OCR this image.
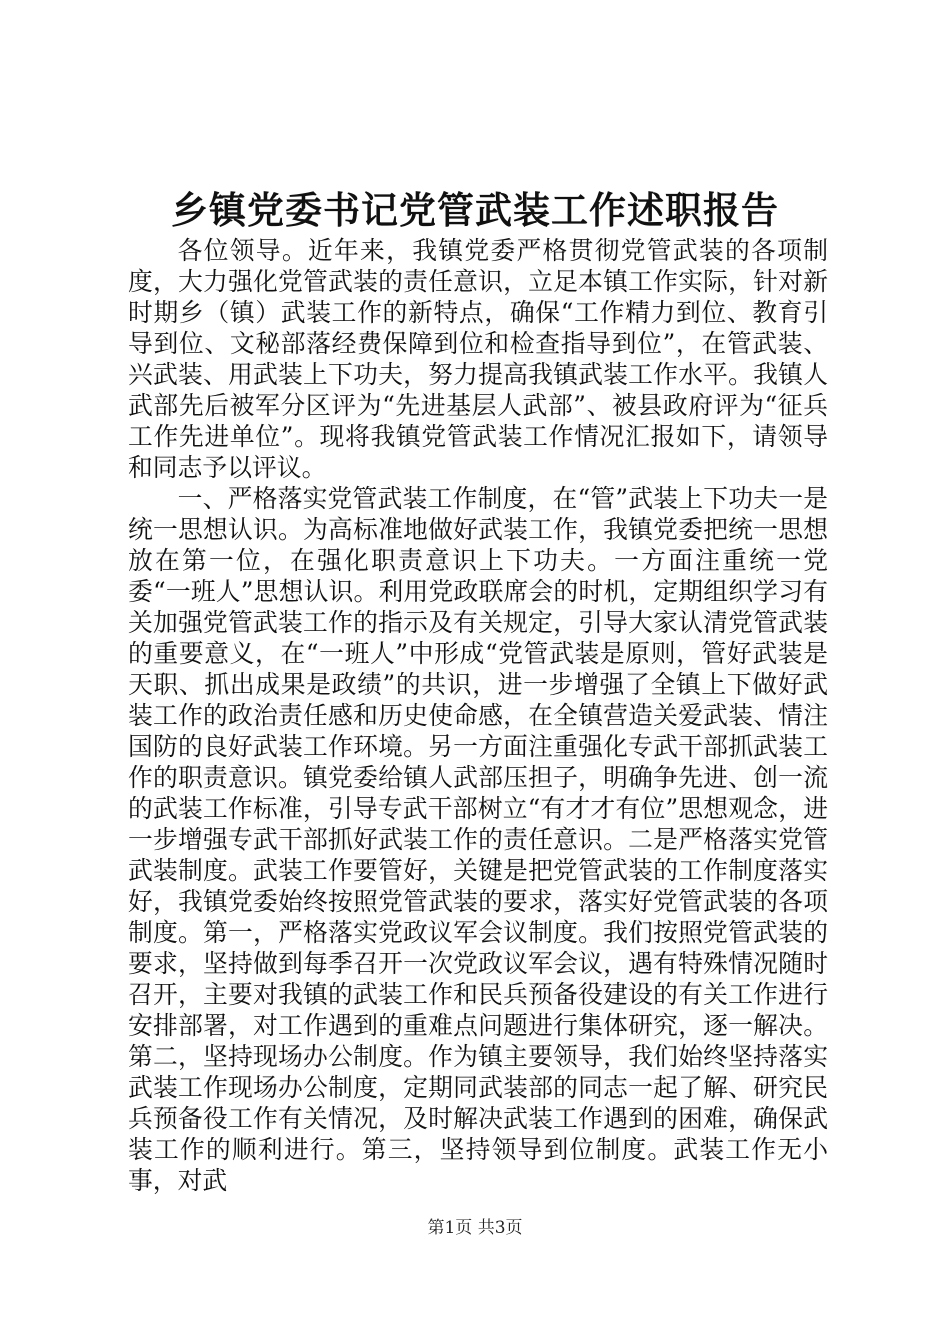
乡镇党委书记党管武装工作述职报告

各位领导。近年来，我镇党委严格贯彻党管武装的各项制度，大力强化党管武装的责任意识，立足本镇工作实际，针对新时期乡（镇）武装工作的新特点，确保“工作精力到位、教育引导到位、文秘部落经费保障到位和检查指导到位”，在管武装、兴武装、用武装上下功夫，努力提高我镇武装工作水平。我镇人武部先后被军分区评为“先进基层人武部”、被县政府评为“征兵工作先进单位”。现将我镇党管武装工作情况汇报如下，请领导和同志予以评议。

一、严格落实党管武装工作制度，在“管”武装上下功夫一是统一思想认识。为高标准地做好武装工作，我镇党委把统一思想放在第一位，在强化职责意识上下功夫。一方面注重统一党委“一班人”思想认识。利用党政联席会的时机，定期组织学习有关加强党管武装工作的指示及有关规定，引导大家认清党管武装的重要意义，在“一班人”中形成“党管武装是原则，管好武装是天职、抓出成果是政绩”的共识，进一步增强了全镇上下做好武装工作的政治责任感和历史使命感，在全镇营造关爱武装、情注国防的良好武装工作环境。另一方面注重强化专武干部抓武装工作的职责意识。镇党委给镇人武部压担子，明确争先进、创一流的武装工作标准，引导专武干部树立“有才才有位”思想观念，进一步增强专武干部抓好武装工作的责任意识。二是严格落实党管武装制度。武装工作要管好，关键是把党管武装的工作制度落实好，我镇党委始终按照党管武装的要求，落实好党管武装的各项制度。第一，严格落实党政议军会议制度。我们按照党管武装的要求，坚持做到每季召开一次党政议军会议，遇有特殊情况随时召开，主要对我镇的武装工作和民兵预备役建设的有关工作进行安排部署，对工作遇到的重难点问题进行集体研究，逐一解决。第二，坚持现场办公制度。作为镇主要领导，我们始终坚持落实武装工作现场办公制度，定期同武装部的同志一起了解、研究民兵预备役工作有关情况，及时解决武装工作遇到的困难，确保武装工作的顺利进行。第三，坚持领导到位制度。武装工作无小事，对武

第1页 共3页
